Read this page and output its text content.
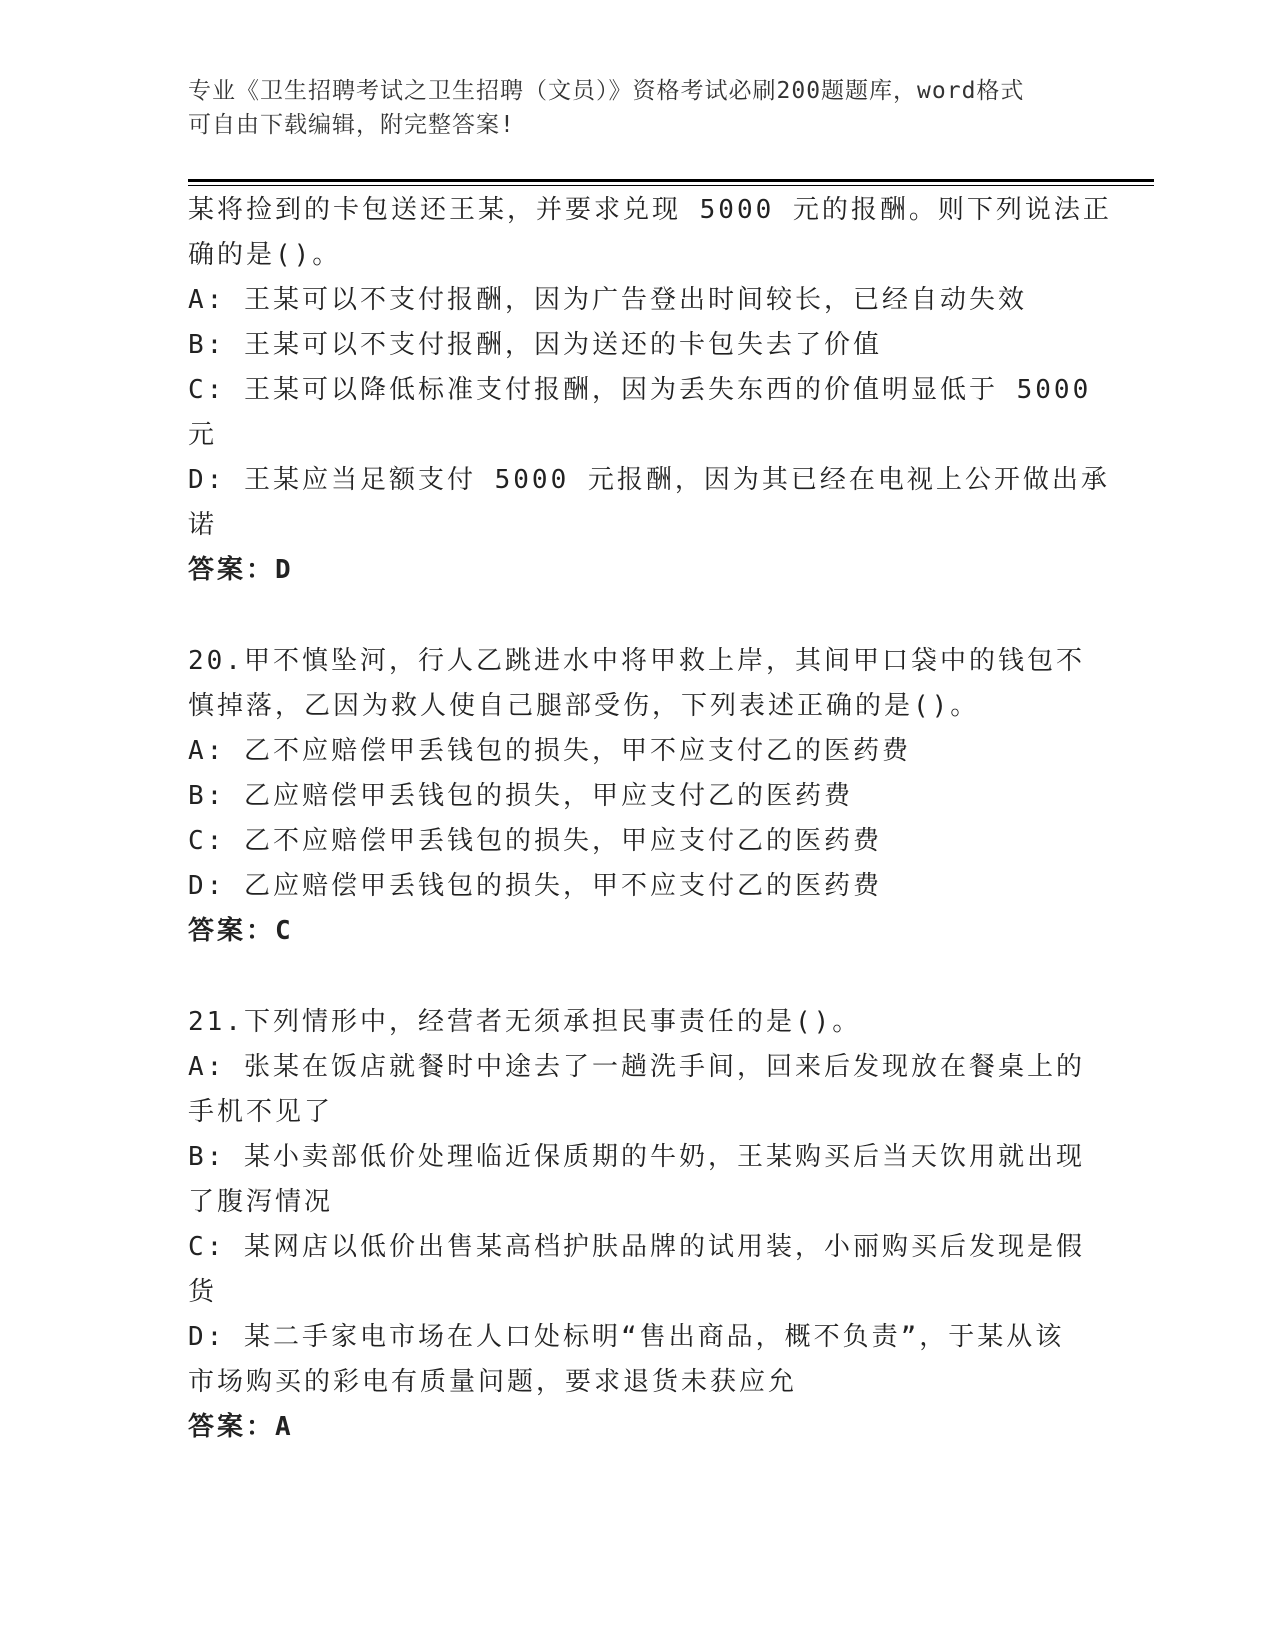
专业《卫生招聘考试之卫生招聘（文员）》资格考试必刷200题题库，word格式
可自由下载编辑，附完整答案!

某将捡到的卡包送还王某，并要求兑现 5000 元的报酬。则下列说法正

确的是()。

A: 王某可以不支付报酬，因为广告登出时间较长，已经自动失效

B: 王某可以不支付报酬，因为送还的卡包失去了价值

C: 王某可以降低标准支付报酬，因为丢失东西的价值明显低于 5000

元

D: 王某应当足额支付 5000 元报酬，因为其已经在电视上公开做出承

诺

答案：D

20.甲不慎坠河，行人乙跳进水中将甲救上岸，其间甲口袋中的钱包不

慎掉落，乙因为救人使自己腿部受伤，下列表述正确的是()。

A: 乙不应赔偿甲丢钱包的损失，甲不应支付乙的医药费

B: 乙应赔偿甲丢钱包的损失，甲应支付乙的医药费

C: 乙不应赔偿甲丢钱包的损失，甲应支付乙的医药费

D: 乙应赔偿甲丢钱包的损失，甲不应支付乙的医药费

答案：C

21.下列情形中，经营者无须承担民事责任的是()。

A: 张某在饭店就餐时中途去了一趟洗手间，回来后发现放在餐桌上的

手机不见了

B: 某小卖部低价处理临近保质期的牛奶，王某购买后当天饮用就出现

了腹泻情况

C: 某网店以低价出售某高档护肤品牌的试用装，小丽购买后发现是假

货

D: 某二手家电市场在人口处标明“售出商品，概不负责”，于某从该

市场购买的彩电有质量问题，要求退货未获应允

答案：A
